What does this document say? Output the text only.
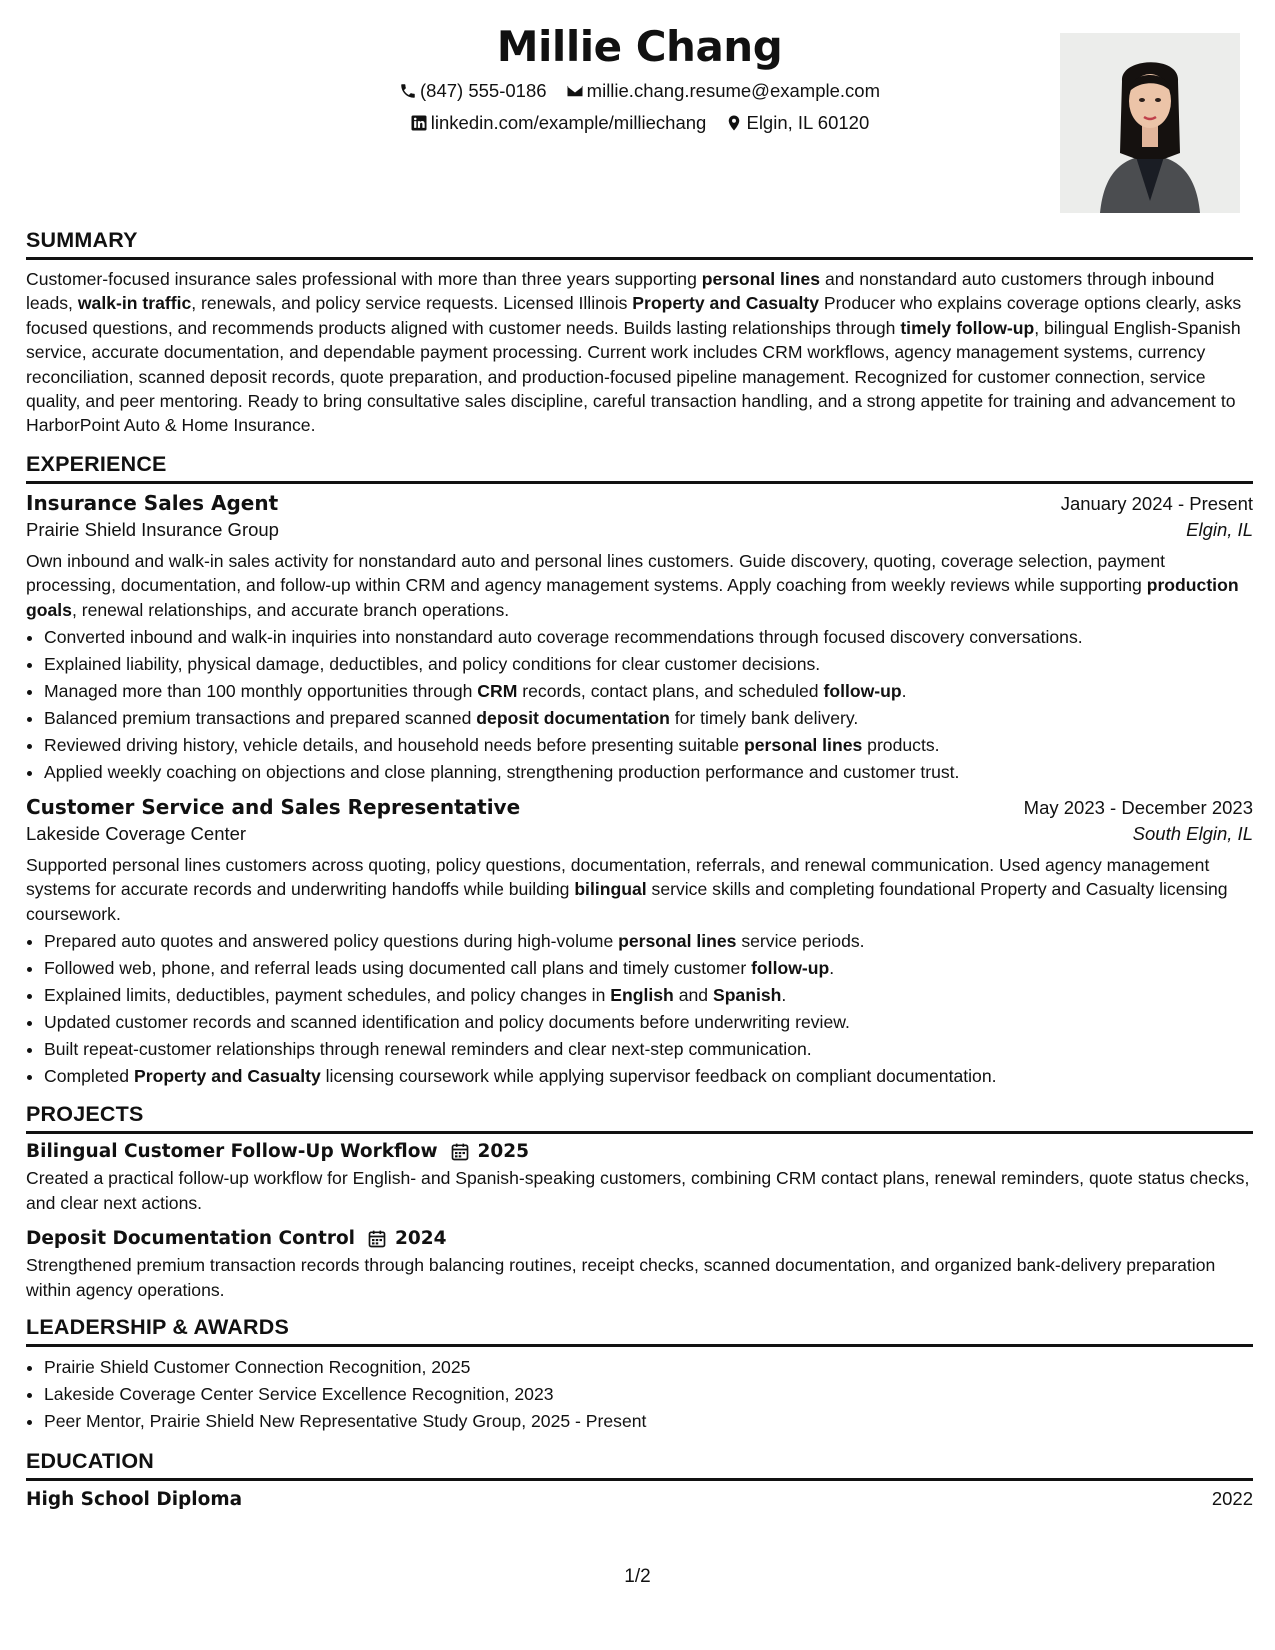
Millie Chang
(847) 555-0186
millie.chang.resume@example.com
linkedin.com/example/milliechang
Elgin, IL 60120
SUMMARY

Customer-focused insurance sales professional with more than three years supporting personal lines and nonstandard auto customers through inbound leads, walk-in traffic, renewals, and policy service requests. Licensed Illinois Property and Casualty Producer who explains coverage options clearly, asks focused questions, and recommends products aligned with customer needs. Builds lasting relationships through timely follow-up, bilingual English-Spanish service, accurate documentation, and dependable payment processing. Current work includes CRM workflows, agency management systems, currency reconciliation, scanned deposit records, quote preparation, and production-focused pipeline management. Recognized for customer connection, service quality, and peer mentoring. Ready to bring consultative sales discipline, careful transaction handling, and a strong appetite for training and advancement to HarborPoint Auto & Home Insurance.

EXPERIENCE
Insurance Sales Agent	January 2024 - Present
Prairie Shield Insurance Group	Elgin, IL

Own inbound and walk-in sales activity for nonstandard auto and personal lines customers. Guide discovery, quoting, coverage selection, payment processing, documentation, and follow-up within CRM and agency management systems. Apply coaching from weekly reviews while supporting production goals, renewal relationships, and accurate branch operations.

• Converted inbound and walk-in inquiries into nonstandard auto coverage recommendations through focused discovery conversations.
• Explained liability, physical damage, deductibles, and policy conditions for clear customer decisions.
• Managed more than 100 monthly opportunities through CRM records, contact plans, and scheduled follow-up.
• Balanced premium transactions and prepared scanned deposit documentation for timely bank delivery.
• Reviewed driving history, vehicle details, and household needs before presenting suitable personal lines products.
• Applied weekly coaching on objections and close planning, strengthening production performance and customer trust.
Customer Service and Sales Representative	May 2023 - December 2023
Lakeside Coverage Center	South Elgin, IL

Supported personal lines customers across quoting, policy questions, documentation, referrals, and renewal communication. Used agency management systems for accurate records and underwriting handoffs while building bilingual service skills and completing foundational Property and Casualty licensing coursework.

• Prepared auto quotes and answered policy questions during high-volume personal lines service periods.
• Followed web, phone, and referral leads using documented call plans and timely customer follow-up.
• Explained limits, deductibles, payment schedules, and policy changes in English and Spanish.
• Updated customer records and scanned identification and policy documents before underwriting review.
• Built repeat-customer relationships through renewal reminders and clear next-step communication.
• Completed Property and Casualty licensing coursework while applying supervisor feedback on compliant documentation.
PROJECTS
Bilingual Customer Follow-Up Workflow 2025

Created a practical follow-up workflow for English- and Spanish-speaking customers, combining CRM contact plans, renewal reminders, quote status checks, and clear next actions.

Deposit Documentation Control 2024

Strengthened premium transaction records through balancing routines, receipt checks, scanned documentation, and organized bank-delivery preparation within agency operations.

LEADERSHIP & AWARDS
• Prairie Shield Customer Connection Recognition, 2025
• Lakeside Coverage Center Service Excellence Recognition, 2023
• Peer Mentor, Prairie Shield New Representative Study Group, 2025 - Present
EDUCATION
High School Diploma	2022
1/2
